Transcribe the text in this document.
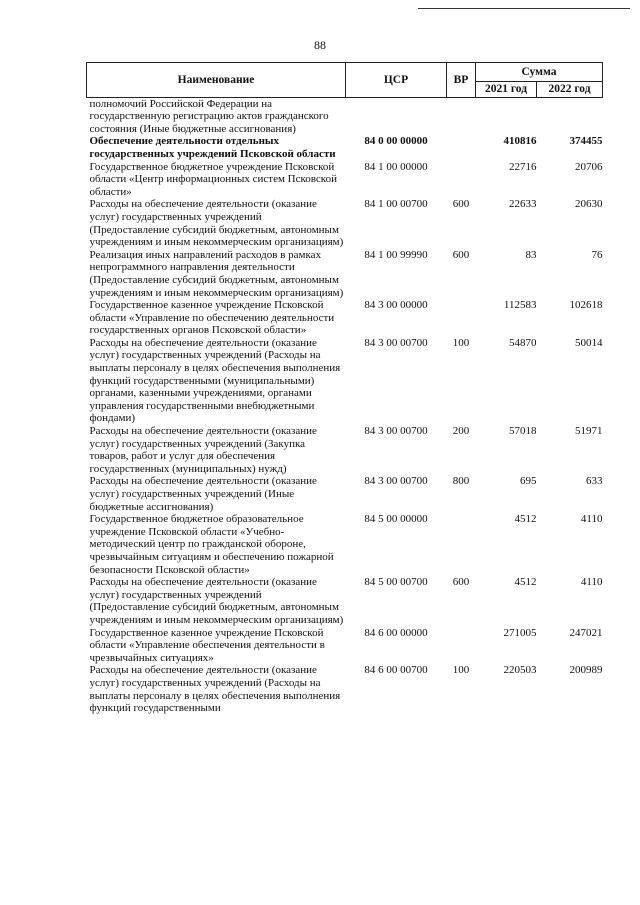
88
Наименование	ЦСР	ВР	Сумма	
			2021 год	2022 год
полномочий Российской Федерации на государственную регистрацию актов гражданского состояния (Иные бюджетные ассигнования)				
Обеспечение деятельности отдельных государственных учреждений Псковской области	84 0 00 00000		410816	374455
Государственное бюджетное учреждение Псковской области «Центр информационных систем Псковской области»	84 1 00 00000		22716	20706
Расходы на обеспечение деятельности (оказание услуг) государственных учреждений (Предоставление субсидий бюджетным, автономным учреждениям и иным некоммерческим организациям)	84 1 00 00700	600	22633	20630
Реализация иных направлений расходов в рамках непрограммного направления деятельности (Предоставление субсидий бюджетным, автономным учреждениям и иным некоммерческим организациям)	84 1 00 99990	600	83	76
Государственное казенное учреждение Псковской области «Управление по обеспечению деятельности государственных органов Псковской области»	84 3 00 00000		112583	102618
Расходы на обеспечение деятельности (оказание услуг) государственных учреждений (Расходы на выплаты персоналу в целях обеспечения выполнения функций государственными (муниципальными) органами, казенными учреждениями, органами управления государственными внебюджетными фондами)	84 3 00 00700	100	54870	50014
Расходы на обеспечение деятельности (оказание услуг) государственных учреждений (Закупка товаров, работ и услуг для обеспечения государственных (муниципальных) нужд)	84 3 00 00700	200	57018	51971
Расходы на обеспечение деятельности (оказание услуг) государственных учреждений (Иные бюджетные ассигнования)	84 3 00 00700	800	695	633
Государственное бюджетное образовательное учреждение Псковской области «Учебно-методический центр по гражданской обороне, чрезвычайным ситуациям и обеспечению пожарной безопасности Псковской области»	84 5 00 00000		4512	4110
Расходы на обеспечение деятельности (оказание услуг) государственных учреждений (Предоставление субсидий бюджетным, автономным учреждениям и иным некоммерческим организациям)	84 5 00 00700	600	4512	4110
Государственное казенное учреждение Псковской области «Управление обеспечения деятельности в чрезвычайных ситуациях»	84 6 00 00000		271005	247021
Расходы на обеспечение деятельности (оказание услуг) государственных учреждений (Расходы на выплаты персоналу в целях обеспечения выполнения функций государственными	84 6 00 00700	100	220503	200989
